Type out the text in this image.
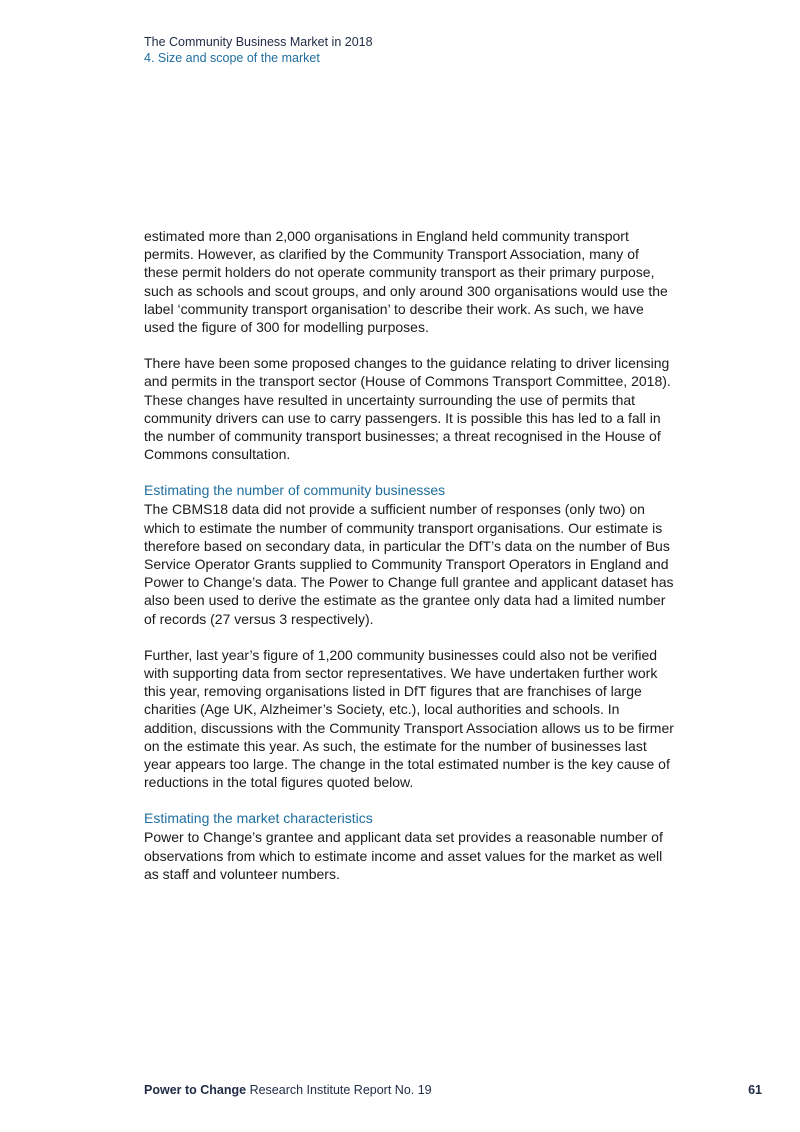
The Community Business Market in 2018
4. Size and scope of the market

estimated more than 2,000 organisations in England held community transport permits. However, as clarified by the Community Transport Association, many of these permit holders do not operate community transport as their primary purpose, such as schools and scout groups, and only around 300 organisations would use the label ‘community transport organisation’ to describe their work. As such, we have used the figure of 300 for modelling purposes.

There have been some proposed changes to the guidance relating to driver licensing and permits in the transport sector (House of Commons Transport Committee, 2018). These changes have resulted in uncertainty surrounding the use of permits that community drivers can use to carry passengers. It is possible this has led to a fall in the number of community transport businesses; a threat recognised in the House of Commons consultation.

Estimating the number of community businesses

The CBMS18 data did not provide a sufficient number of responses (only two) on which to estimate the number of community transport organisations. Our estimate is therefore based on secondary data, in particular the DfT’s data on the number of Bus Service Operator Grants supplied to Community Transport Operators in England and Power to Change’s data. The Power to Change full grantee and applicant dataset has also been used to derive the estimate as the grantee only data had a limited number of records (27 versus 3 respectively).

Further, last year’s figure of 1,200 community businesses could also not be verified with supporting data from sector representatives. We have undertaken further work this year, removing organisations listed in DfT figures that are franchises of large charities (Age UK, Alzheimer’s Society, etc.), local authorities and schools. In addition, discussions with the Community Transport Association allows us to be firmer on the estimate this year. As such, the estimate for the number of businesses last year appears too large. The change in the total estimated number is the key cause of reductions in the total figures quoted below.

Estimating the market characteristics

Power to Change’s grantee and applicant data set provides a reasonable number of observations from which to estimate income and asset values for the market as well as staff and volunteer numbers.

Power to Change Research Institute Report No. 19	61
